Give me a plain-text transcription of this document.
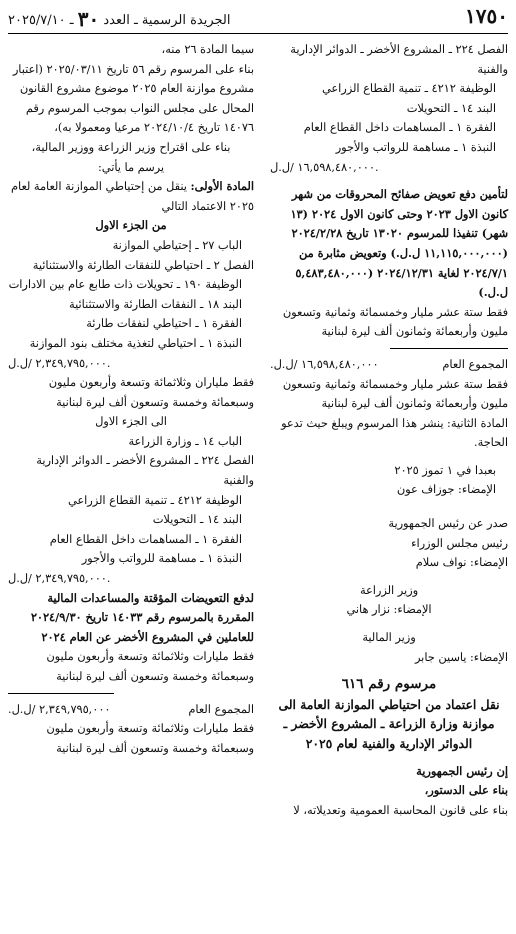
١٧٥٠
الجريدة الرسمية ـ العدد ٣٠ ـ ٢٠٢٥/٧/١٠

الفصل ٢٢٤ ـ المشروع الأخضر ـ الدوائر الإدارية

والفنية

الوظيفة ٤٢١٢ ـ تنمية القطاع الزراعي

البند ١٤ ـ التحويلات

الفقرة ١ ـ المساهمات داخل القطاع العام

النبذة ١ ـ مساهمة للرواتب والأجور

١٦,٥٩٨,٤٨٠,٠٠٠ /ل.ل.

لتأمين دفع تعويض صفائح المحروقات من شهر كانون الاول ٢٠٢٣ وحتى كانون الاول ٢٠٢٤ (١٣ شهر) تنفيذا للمرسوم ١٣٠٢٠ تاريخ ٢٠٢٤/٢/٢٨ (١١,١١٥,٠٠٠,٠٠٠ ل.ل.) وتعويض مثابرة من ٢٠٢٤/٧/١ لغاية ٢٠٢٤/١٢/٣١ (٥,٤٨٣,٤٨٠,٠٠٠ ل.ل.)

فقط ستة عشر مليار وخمسمائة وثمانية وتسعون مليون وأربعمائة وثمانون ألف ليرة لبنانية

المجموع العام
١٦,٥٩٨,٤٨٠,٠٠٠ /ل.ل.

فقط ستة عشر مليار وخمسمائة وثمانية وتسعون مليون وأربعمائة وثمانون ألف ليرة لبنانية

المادة الثانية: ينشر هذا المرسوم ويبلغ حيث تدعو الحاجة.

بعبدا في ١ تموز ٢٠٢٥

الإمضاء: جوزاف عون

صدر عن رئيس الجمهورية

رئيس مجلس الوزراء

الإمضاء: نواف سلام

وزير الزراعة

الإمضاء: نزار هاني

وزير المالية

الإمضاء: ياسين جابر

مرسوم رقم ٦١٦

نقل اعتماد من احتياطي الموازنة العامة الى موازنة وزارة الزراعة ـ المشروع الأخضر ـ الدوائر الإدارية والفنية لعام ٢٠٢٥

إن رئيس الجمهورية

بناء على الدستور،

بناء على قانون المحاسبة العمومية وتعديلاته، لا

سيما المادة ٢٦ منه،

بناء على المرسوم رقم ٥٦ تاريخ ٢٠٢٥/٠٣/١١ (اعتبار مشروع موازنة العام ٢٠٢٥ موضوع مشروع القانون المحال على مجلس النواب بموجب المرسوم رقم ١٤٠٧٦ تاريخ ٢٠٢٤/١٠/٤ مرعيا ومعمولا به)،

بناء على اقتراح وزير الزراعة ووزير المالية،

يرسم ما يأتي:

المادة الأولى: ينقل من إحتياطي الموازنة العامة لعام ٢٠٢٥ الاعتماد التالي

من الجزء الاول

الباب ٢٧ ـ إحتياطي الموازنة

الفصل ٢ ـ احتياطي للنفقات الطارئة والاستثنائية

الوظيفة ١٩٠ ـ تحويلات ذات طابع عام بين الادارات

البند ١٨ ـ النفقات الطارئة والاستثنائية

الفقرة ١ ـ احتياطي لنفقات طارئة

النبذة ١ ـ احتياطي لتغذية مختلف بنود الموازنة

٢,٣٤٩,٧٩٥,٠٠٠ /ل.ل.

فقط ملياران وثلاثمائة وتسعة وأربعون مليون وسبعمائة وخمسة وتسعون ألف ليرة لبنانية

الى الجزء الاول

الباب ١٤ ـ وزارة الزراعة

الفصل ٢٢٤ ـ المشروع الأخضر ـ الدوائر الإدارية

والفنية

الوظيفة ٤٢١٢ ـ تنمية القطاع الزراعي

البند ١٤ ـ التحويلات

الفقرة ١ ـ المساهمات داخل القطاع العام

النبذة ١ ـ مساهمة للرواتب والأجور

٢,٣٤٩,٧٩٥,٠٠٠ /ل.ل.

لدفع التعويضات المؤقتة والمساعدات المالية المقررة بالمرسوم رقم ١٤٠٣٣ تاريخ ٢٠٢٤/٩/٣٠ للعاملين في المشروع الأخضر عن العام ٢٠٢٤

فقط مليارات وثلاثمائة وتسعة وأربعون مليون وسبعمائة وخمسة وتسعون ألف ليرة لبنانية

المجموع العام
٢,٣٤٩,٧٩٥,٠٠٠ /ل.ل.

فقط مليارات وثلاثمائة وتسعة وأربعون مليون وسبعمائة وخمسة وتسعون ألف ليرة لبنانية
